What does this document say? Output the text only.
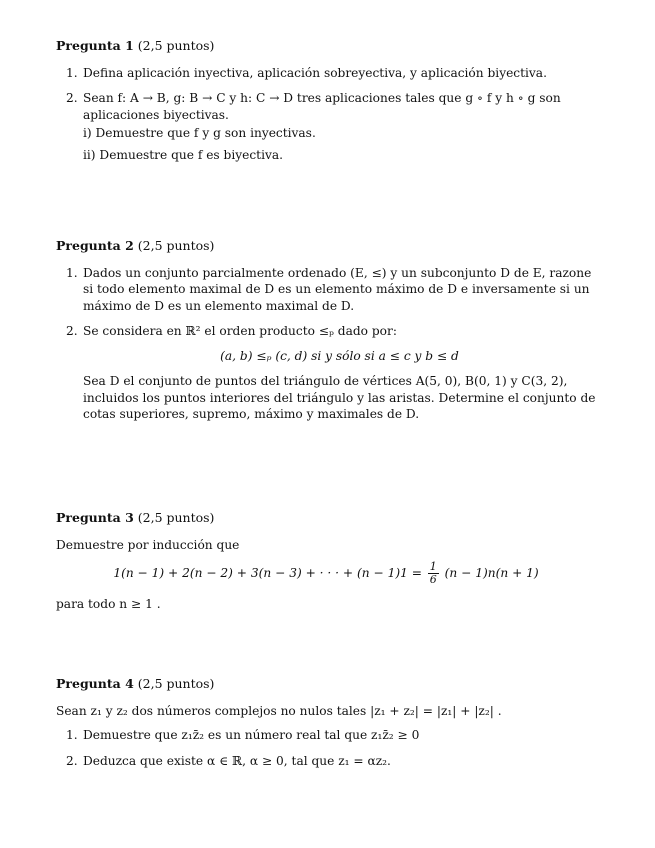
Pregunta 1 (2,5 puntos)
1. Defina aplicación inyectiva, aplicación sobreyectiva, y aplicación biyectiva.
2. Sean f: A → B, g: B → C y h: C → D tres aplicaciones tales que g ∘ f y h ∘ g son aplicaciones biyectivas.
i) Demuestre que f y g son inyectivas.
ii) Demuestre que f es biyectiva.
Pregunta 2 (2,5 puntos)
1. Dados un conjunto parcialmente ordenado (E, ≤) y un subconjunto D de E, razone si todo elemento maximal de D es un elemento máximo de D e inversamente si un máximo de D es un elemento maximal de D.
2. Se considera en ℝ² el orden producto ≤ₚ dado por:
(a, b) ≤ₚ (c, d) si y sólo si a ≤ c y b ≤ d
Sea D el conjunto de puntos del triángulo de vértices A(5, 0), B(0, 1) y C(3, 2), incluidos los puntos interiores del triángulo y las aristas. Determine el conjunto de cotas superiores, supremo, máximo y maximales de D.
Pregunta 3 (2,5 puntos)
Demuestre por inducción que
1(n − 1) + 2(n − 2) + 3(n − 3) + · · · + $(n - 1)1 = \frac{1}{6} (n - 1)n(n + 1)$
para todo n ≥ 1 .
Pregunta 4 (2,5 puntos)
Sean z₁ y z₂ dos números complejos no nulos tales |z₁ + z₂| = |z₁| + |z₂| .
1. Demuestre que z₁z̄₂ es un número real tal que z₁z̄₂ ≥ 0
2. Deduzca que existe α ∈ ℝ, α ≥ 0, tal que z₁ = αz₂.
